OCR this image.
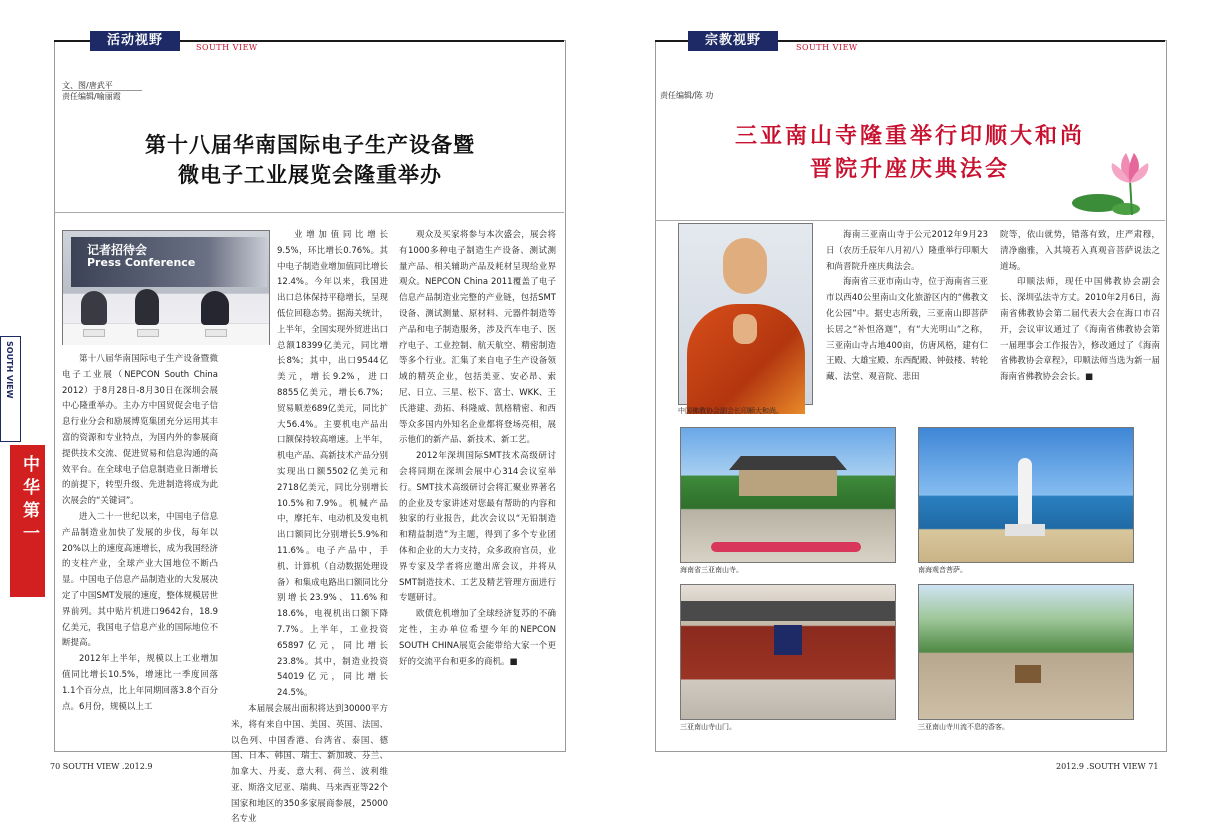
活动视野	SOUTH VIEW
文、图/唐武平
责任编辑/喻丽霞
第十八届华南国际电子生产设备暨
微电子工业展览会隆重举办
记者招待会
Press Conference

第十八届华南国际电子生产设备暨微电子工业展（NEPCON South China 2012）于8月28日-8月30日在深圳会展中心隆重举办。主办方中国贸促会电子信息行业分会和励展博览集团充分运用其丰富的资源和专业特点，为国内外的参展商提供技术交流、促进贸易和信息沟通的高效平台。在全球电子信息制造业日渐增长的前提下，转型升级、先进制造将成为此次展会的“关键词”。

进入二十一世纪以来，中国电子信息产品制造业加快了发展的步伐，每年以20%以上的速度高速增长，成为我国经济的支柱产业，全球产业大国地位不断凸显。中国电子信息产品制造业的大发展决定了中国SMT发展的速度，整体规模居世界前列。其中贴片机进口9642台，18.9亿美元，我国电子信息产业的国际地位不断提高。

2012年上半年，规模以上工业增加值同比增长10.5%，增速比一季度回落1.1个百分点，比上年同期回落3.8个百分点。6月份，规模以上工

业增加值同比增长9.5%，环比增长0.76%。其中电子制造业增加值同比增长12.4%。今年以来，我国进出口总体保持平稳增长，呈现低位回稳态势。据海关统计，上半年，全国实现外贸进出口总额18399亿美元，同比增长8%；其中，出口9544亿美元，增长9.2%，进口8855亿美元，增长6.7%；贸易顺差689亿美元，同比扩大56.4%。主要机电产品出口额保持较高增速。上半年，机电产品、高新技术产品分别实现出口额5502亿美元和2718亿美元，同比分别增长10.5%和7.9%。机械产品中，摩托车、电动机及发电机出口额同比分别增长5.9%和11.6%。电子产品中，手机、计算机（自动数据处理设备）和集成电路出口额同比分别增长23.9%、11.6%和18.6%，电视机出口额下降7.7%。上半年，工业投资65897亿元，同比增长23.8%。其中，制造业投资54019亿元，同比增长24.5%。

本届展会展出面积将达到30000平方米，将有来自中国、美国、英国、法国、以色列、中国香港、台湾省、泰国、德国、日本、韩国、瑞士、新加坡、芬兰、加拿大、丹麦、意大利、荷兰、波利维亚、斯洛文尼亚、瑞典、马来西亚等22个国家和地区的350多家展商参展，25000名专业

观众及买家将参与本次盛会，展会将有1000多种电子制造生产设备、测试测量产品、相关辅助产品及耗材呈现给业界观众。NEPCON China 2011覆盖了电子信息产品制造业完整的产业链，包括SMT设备、测试测量、原材料、元器件制造等产品和电子制造服务，涉及汽车电子、医疗电子、工业控制、航天航空、精密制造等多个行业。汇集了来自电子生产设备领域的精英企业，包括美亚、安必昂、索尼、日立、三星、松下、富士、WKK、王氏港建、劲拓、科隆威、凯格精密、和西等众多国内外知名企业都将登场亮相，展示他们的新产品、新技术、新工艺。

2012年深圳国际SMT技术高级研讨会将同期在深圳会展中心314会议室举行。SMT技术高级研讨会将汇聚业界著名的企业及专家讲述对您最有帮助的内容和独家的行业报告，此次会议以“无铅制造和精益制造”为主题，得到了多个专业团体和企业的大力支持，众多政府官员，业界专家及学者将应邀出席会议，并将从SMT制造技术、工艺及精艺管理方面进行专题研讨。

欧债危机增加了全球经济复苏的不确定性，主办单位希望今年的NEPCON SOUTH CHINA展览会能带给大家一个更好的交流平台和更多的商机。■

70 SOUTH VIEW .2012.9
SOUTH VIEW
中华第一
宗教视野	SOUTH VIEW
责任编辑/陈 功
三亚南山寺隆重举行印顺大和尚
晋院升座庆典法会
中国佛教协会副会长印顺大和尚。

海南三亚南山寺于公元2012年9月23日（农历壬辰年八月初八）隆重举行印顺大和尚晋院升座庆典法会。

海南省三亚市南山寺，位于海南省三亚市以西40公里南山文化旅游区内的“佛教文化公园”中。据史志所载，三亚南山即菩萨长居之“补怛洛迦”，有“大光明山”之称，三亚南山寺占地400亩，仿唐风格，建有仁王殿、大雄宝殿、东西配殿、钟鼓楼、转轮藏、法堂、观音院、悲田

院等，依山就势，错落有致，庄严肃穆，清净幽雅，入其境若入真观音菩萨说法之道场。

印顺法师，现任中国佛教协会副会长、深圳弘法寺方丈。2010年2月6日，海南省佛教协会第二届代表大会在海口市召开，会议审议通过了《海南省佛教协会第一届理事会工作报告》，修改通过了《海南省佛教协会章程》，印顺法师当选为新一届海南省佛教协会会长。■

海南省三亚南山寺。	南海观音菩萨。
三亚南山寺山门。	三亚南山寺川流不息的香客。
2012.9 .SOUTH VIEW 71
